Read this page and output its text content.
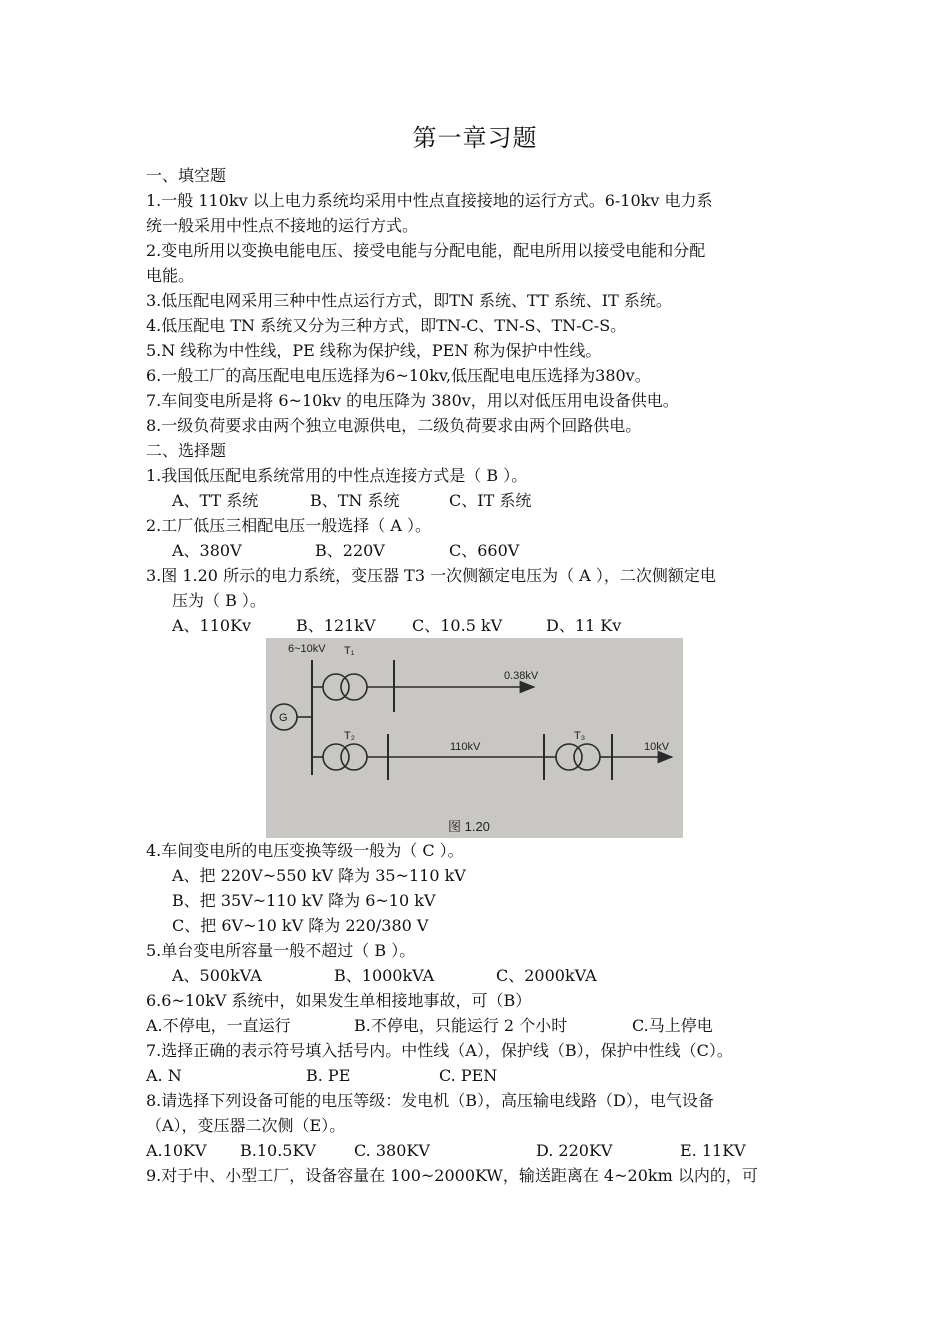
第一章习题
一、填空题
1.一般 110kv 以上电力系统均采用中性点直接接地的运行方式。6-10kv 电力系
统一般采用中性点不接地的运行方式。
2.变电所用以变换电能电压、接受电能与分配电能，配电所用以接受电能和分配
电能。
3.低压配电网采用三种中性点运行方式，即TN 系统、TT 系统、IT 系统。
4.低压配电 TN 系统又分为三种方式，即TN-C、TN-S、TN-C-S。
5.N 线称为中性线，PE 线称为保护线，PEN 称为保护中性线。
6.一般工厂的高压配电电压选择为6~10kv,低压配电电压选择为380v。
7.车间变电所是将 6~10kv 的电压降为 380v，用以对低压用电设备供电。
8.一级负荷要求由两个独立电源供电，二级负荷要求由两个回路供电。
二、选择题
1.我国低压配电系统常用的中性点连接方式是（ B ）。
A、TT 系统	B、TN 系统	C、IT 系统
2.工厂低压三相配电压一般选择（ A ）。
A、380V	B、220V	C、660V
3.图 1.20 所示的电力系统，变压器 T3 一次侧额定电压为（ A ），二次侧额定电
压为（ B ）。
A、110Kv	B、121kV C、10.5 kV	D、11 Kv
6~10kV T₁
G
T₂	T₃
0.38kV
110kV	10kV
图 1.20
4.车间变电所的电压变换等级一般为（ C ）。
A、把 220V~550 kV 降为 35~110 kV
B、把 35V~110 kV 降为 6~10 kV
C、把 6V~10 kV 降为 220/380 V
5.单台变电所容量一般不超过（ B ）。
A、500kVA	B、1000kVA	C、2000kVA
6.6~10kV 系统中，如果发生单相接地事故，可（B）
A.不停电，一直运行	B.不停电，只能运行 2 个小时	C.马上停电
7.选择正确的表示符号填入括号内。中性线（A），保护线（B），保护中性线（C）。
A. N	B. PE	C. PEN
8.请选择下列设备可能的电压等级：发电机（B），高压输电线路（D），电气设备
（A），变压器二次侧（E）。
A.10KV B.10.5KV C. 380KV	D. 220KV	E. 11KV
9.对于中、小型工厂，设备容量在 100~2000KW，输送距离在 4~20km 以内的，可
